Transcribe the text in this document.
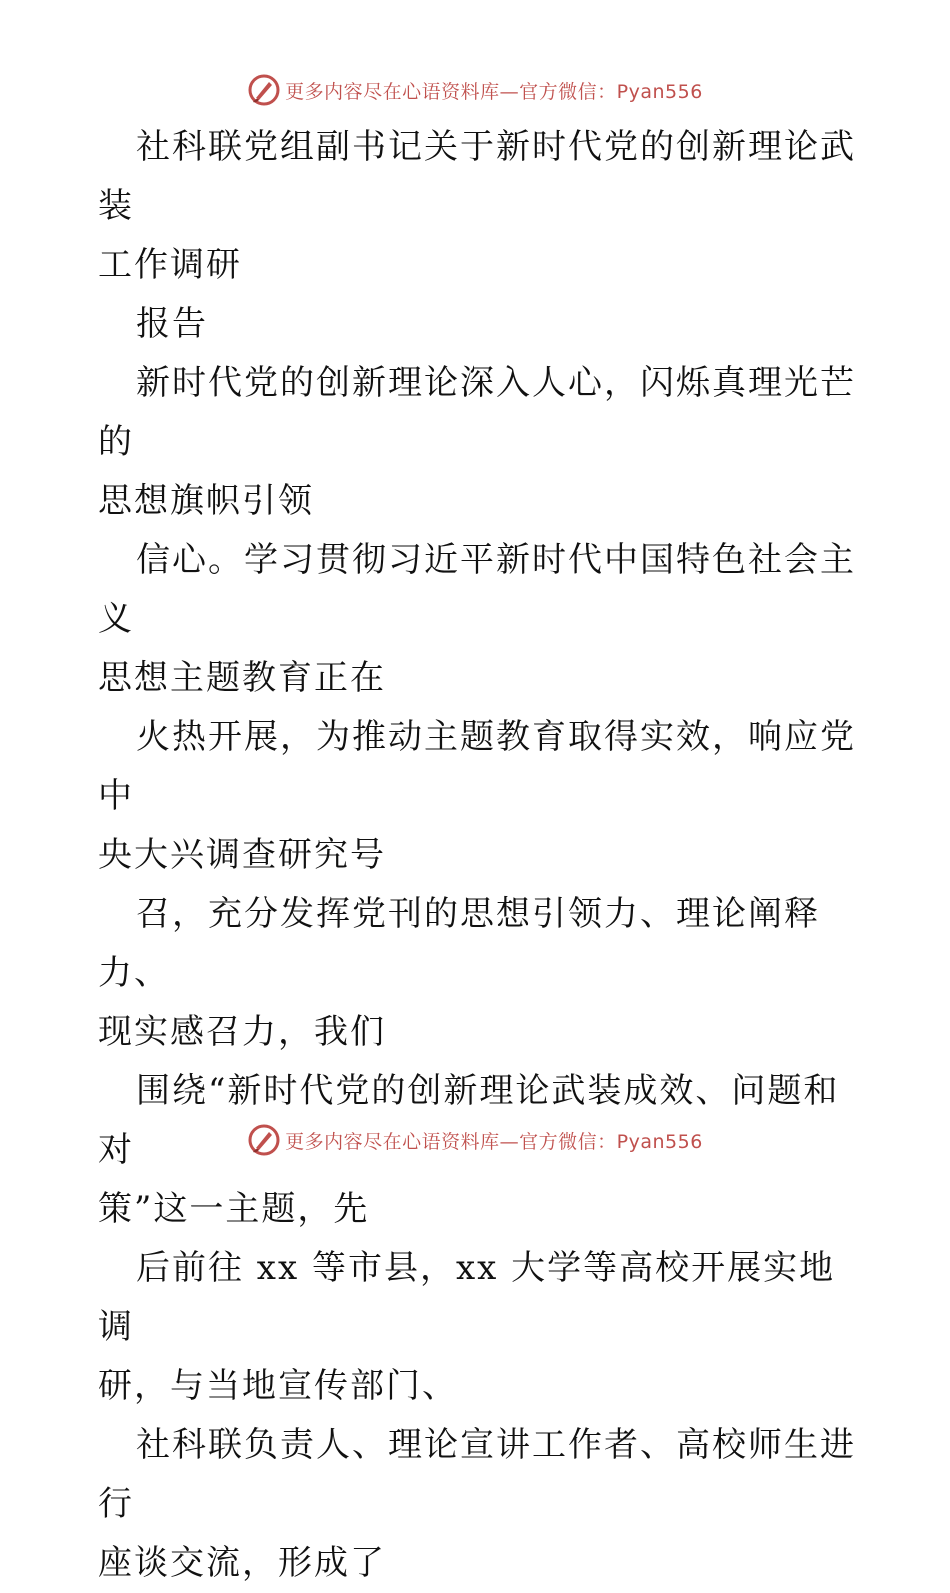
更多内容尽在心语资料库—官方微信：Pyan556

社科联党组副书记关于新时代党的创新理论武装
工作调研

报告

新时代党的创新理论深入人心，闪烁真理光芒的
思想旗帜引领

信心。学习贯彻习近平新时代中国特色社会主义
思想主题教育正在

火热开展，为推动主题教育取得实效，响应党中
央大兴调查研究号

召，充分发挥党刊的思想引领力、理论阐释力、
现实感召力，我们

围绕“新时代党的创新理论武装成效、问题和对
策”这一主题，先

后前往 xx 等市县，xx 大学等高校开展实地调
研，与当地宣传部门、

社科联负责人、理论宣讲工作者、高校师生进行
座谈交流，形成了

更多内容尽在心语资料库—官方微信：Pyan556
